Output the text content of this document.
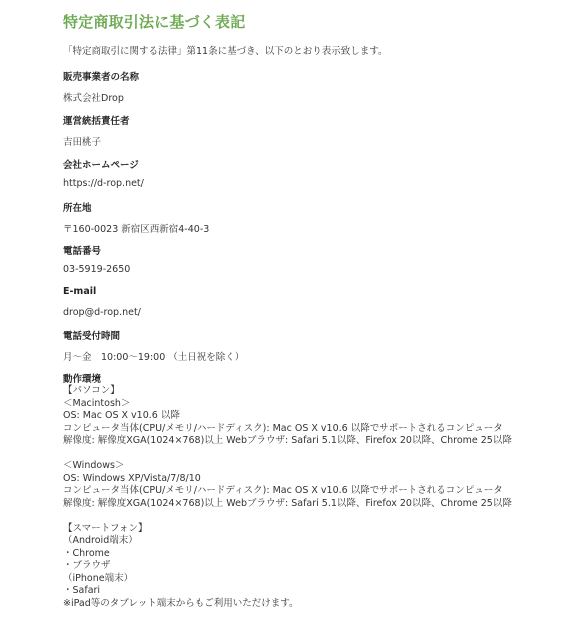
特定商取引法に基づく表記
「特定商取引に関する法律」第11条に基づき、以下のとおり表示致します。
販売事業者の名称
株式会社Drop
運営統括責任者
吉田桃子
会社ホームページ
https://d-rop.net/
所在地
〒160-0023 新宿区西新宿4-40-3
電話番号
03-5919-2650
E-mail
drop@d-rop.net/
電話受付時間
月～金　10:00～19:00 （土日祝を除く）
動作環境
【パソコン】
＜Macintosh＞
OS: Mac OS X v10.6 以降
コンピュータ当体(CPU/メモリ/ハードディスク): Mac OS X v10.6 以降でサポートされるコンピュータ
解像度: 解像度XGA(1024×768)以上 Webブラウザ: Safari 5.1以降、Firefox 20以降、Chrome 25以降
＜Windows＞
OS: Windows XP/Vista/7/8/10
コンピュータ当体(CPU/メモリ/ハードディスク): Mac OS X v10.6 以降でサポートされるコンピュータ
解像度: 解像度XGA(1024×768)以上 Webブラウザ: Safari 5.1以降、Firefox 20以降、Chrome 25以降
【スマートフォン】
（Android端末）
・Chrome
・ブラウザ
（iPhone端末）
・Safari
※iPad等のタブレット端末からもご利用いただけます。
